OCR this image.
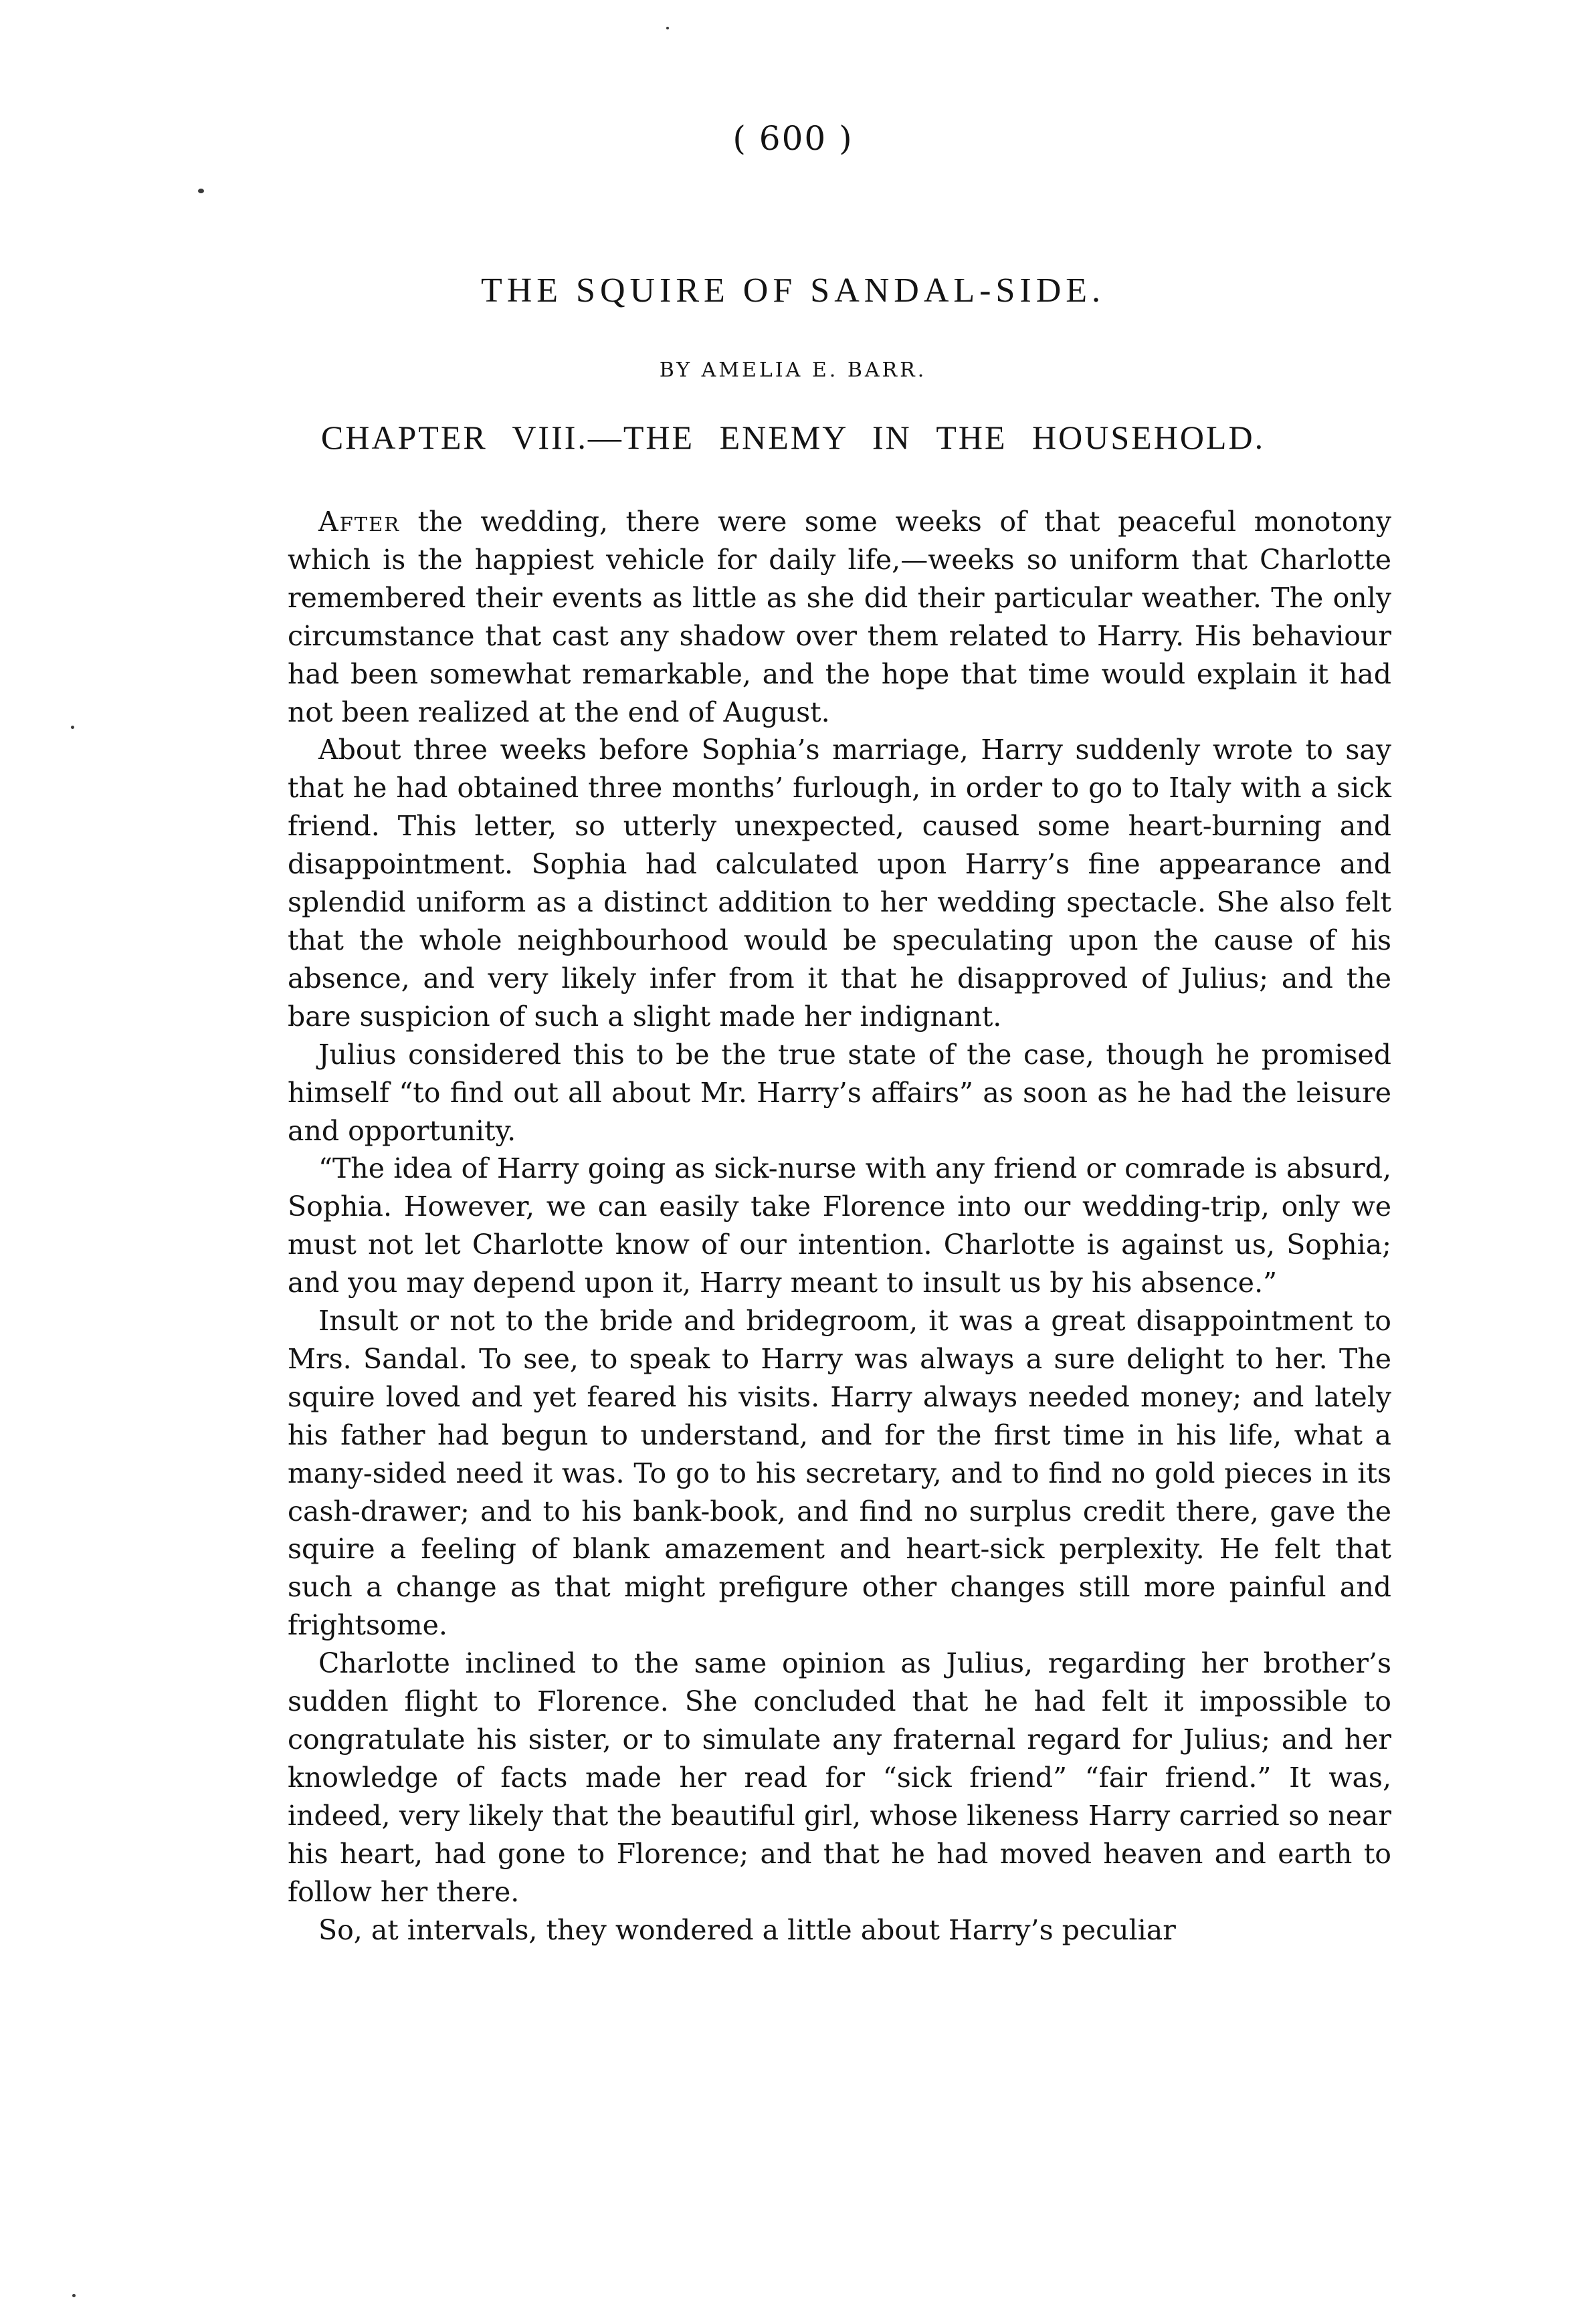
( 600 )
THE SQUIRE OF SANDAL-SIDE.
BY AMELIA E. BARR.
CHAPTER VIII.—THE ENEMY IN THE HOUSEHOLD.

After the wedding, there were some weeks of that peaceful monotony which is the happiest vehicle for daily life,—weeks so uniform that Charlotte remembered their events as little as she did their particular weather. The only circumstance that cast any shadow over them related to Harry. His behaviour had been somewhat remarkable, and the hope that time would explain it had not been realized at the end of August.

About three weeks before Sophia’s marriage, Harry suddenly wrote to say that he had obtained three months’ furlough, in order to go to Italy with a sick friend. This letter, so utterly unexpected, caused some heart-burning and disappointment. Sophia had calculated upon Harry’s fine appearance and splendid uniform as a distinct addition to her wedding spectacle. She also felt that the whole neighbourhood would be speculating upon the cause of his absence, and very likely infer from it that he disapproved of Julius; and the bare suspicion of such a slight made her indignant.

Julius considered this to be the true state of the case, though he promised himself “to find out all about Mr. Harry’s affairs” as soon as he had the leisure and opportunity.

“The idea of Harry going as sick-nurse with any friend or comrade is absurd, Sophia. However, we can easily take Florence into our wedding-trip, only we must not let Charlotte know of our intention. Charlotte is against us, Sophia; and you may depend upon it, Harry meant to insult us by his absence.”

Insult or not to the bride and bridegroom, it was a great disappointment to Mrs. Sandal. To see, to speak to Harry was always a sure delight to her. The squire loved and yet feared his visits. Harry always needed money; and lately his father had begun to understand, and for the first time in his life, what a many-sided need it was. To go to his secretary, and to find no gold pieces in its cash-drawer; and to his bank-book, and find no surplus credit there, gave the squire a feeling of blank amazement and heart-sick perplexity. He felt that such a change as that might prefigure other changes still more painful and frightsome.

Charlotte inclined to the same opinion as Julius, regarding her brother’s sudden flight to Florence. She concluded that he had felt it impossible to congratulate his sister, or to simulate any fraternal regard for Julius; and her knowledge of facts made her read for “sick friend” “fair friend.” It was, indeed, very likely that the beautiful girl, whose likeness Harry carried so near his heart, had gone to Florence; and that he had moved heaven and earth to follow her there.

So, at intervals, they wondered a little about Harry’s peculiar
